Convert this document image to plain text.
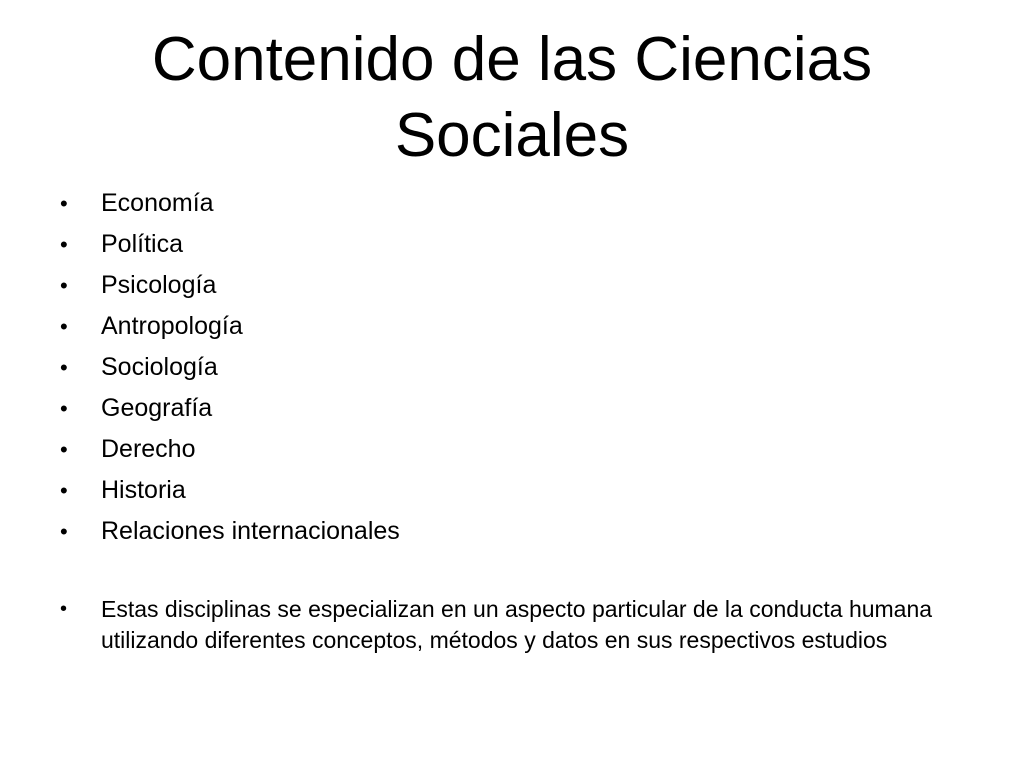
Contenido de las Ciencias
Sociales
•	Economía
•	Política
•	Psicología
•	Antropología
•	Sociología
•	Geografía
•	Derecho
•	Historia
•	Relaciones internacionales
•	Estas disciplinas se especializan en un aspecto particular de la conducta humana utilizando diferentes conceptos, métodos y datos en sus respectivos estudios
